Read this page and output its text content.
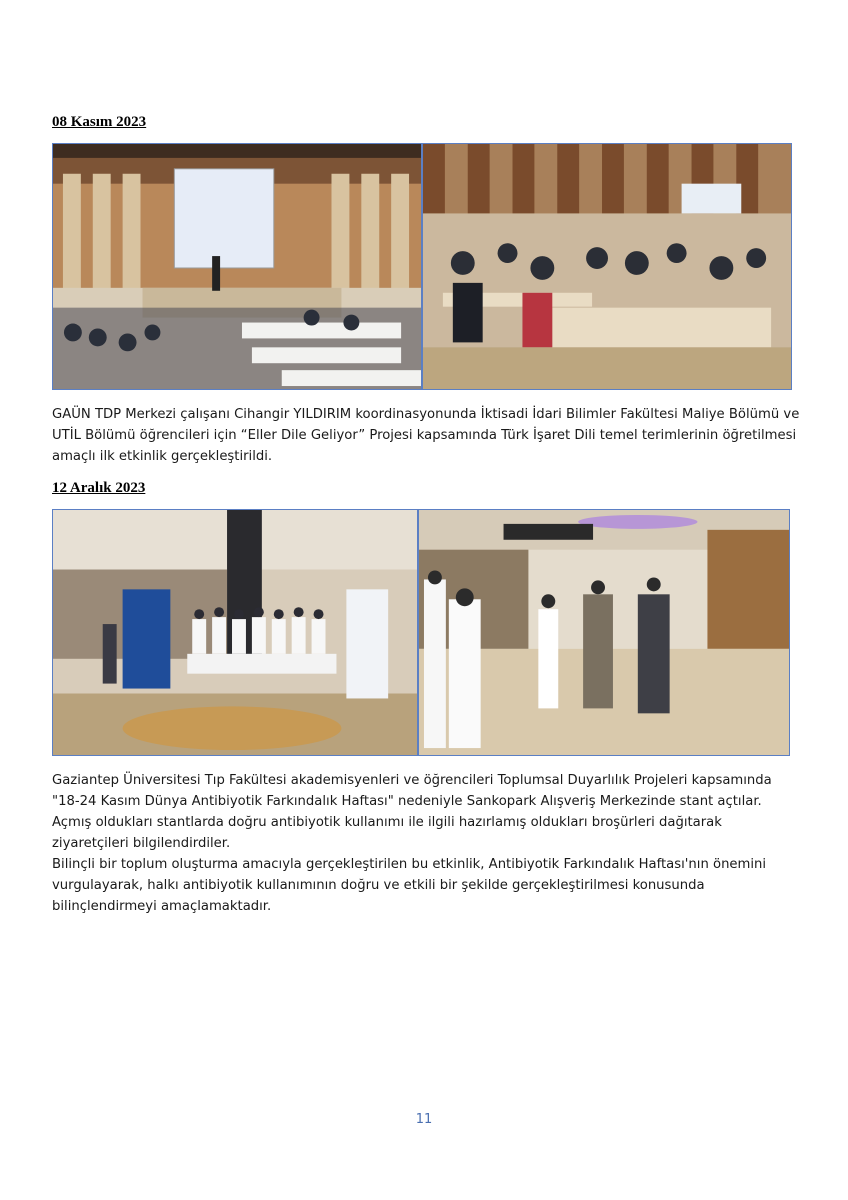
08 Kasım 2023

GAÜN TDP Merkezi çalışanı Cihangir YILDIRIM koordinasyonunda İktisadi İdari Bilimler Fakültesi Maliye Bölümü ve UTİL Bölümü öğrencileri için “Eller Dile Geliyor” Projesi kapsamında Türk İşaret Dili temel terimlerinin öğretilmesi amaçlı ilk etkinlik gerçekleştirildi.

12 Aralık 2023

Gaziantep Üniversitesi Tıp Fakültesi akademisyenleri ve öğrencileri Toplumsal Duyarlılık Projeleri kapsamında "18-24 Kasım Dünya Antibiyotik Farkındalık Haftası" nedeniyle Sankopark Alışveriş Merkezinde stant açtılar. Açmış oldukları stantlarda doğru antibiyotik kullanımı ile ilgili hazırlamış oldukları broşürleri dağıtarak ziyaretçileri bilgilendirdiler.

Bilinçli bir toplum oluşturma amacıyla gerçekleştirilen bu etkinlik, Antibiyotik Farkındalık Haftası'nın önemini vurgulayarak, halkı antibiyotik kullanımının doğru ve etkili bir şekilde gerçekleştirilmesi konusunda bilinçlendirmeyi amaçlamaktadır.

11
